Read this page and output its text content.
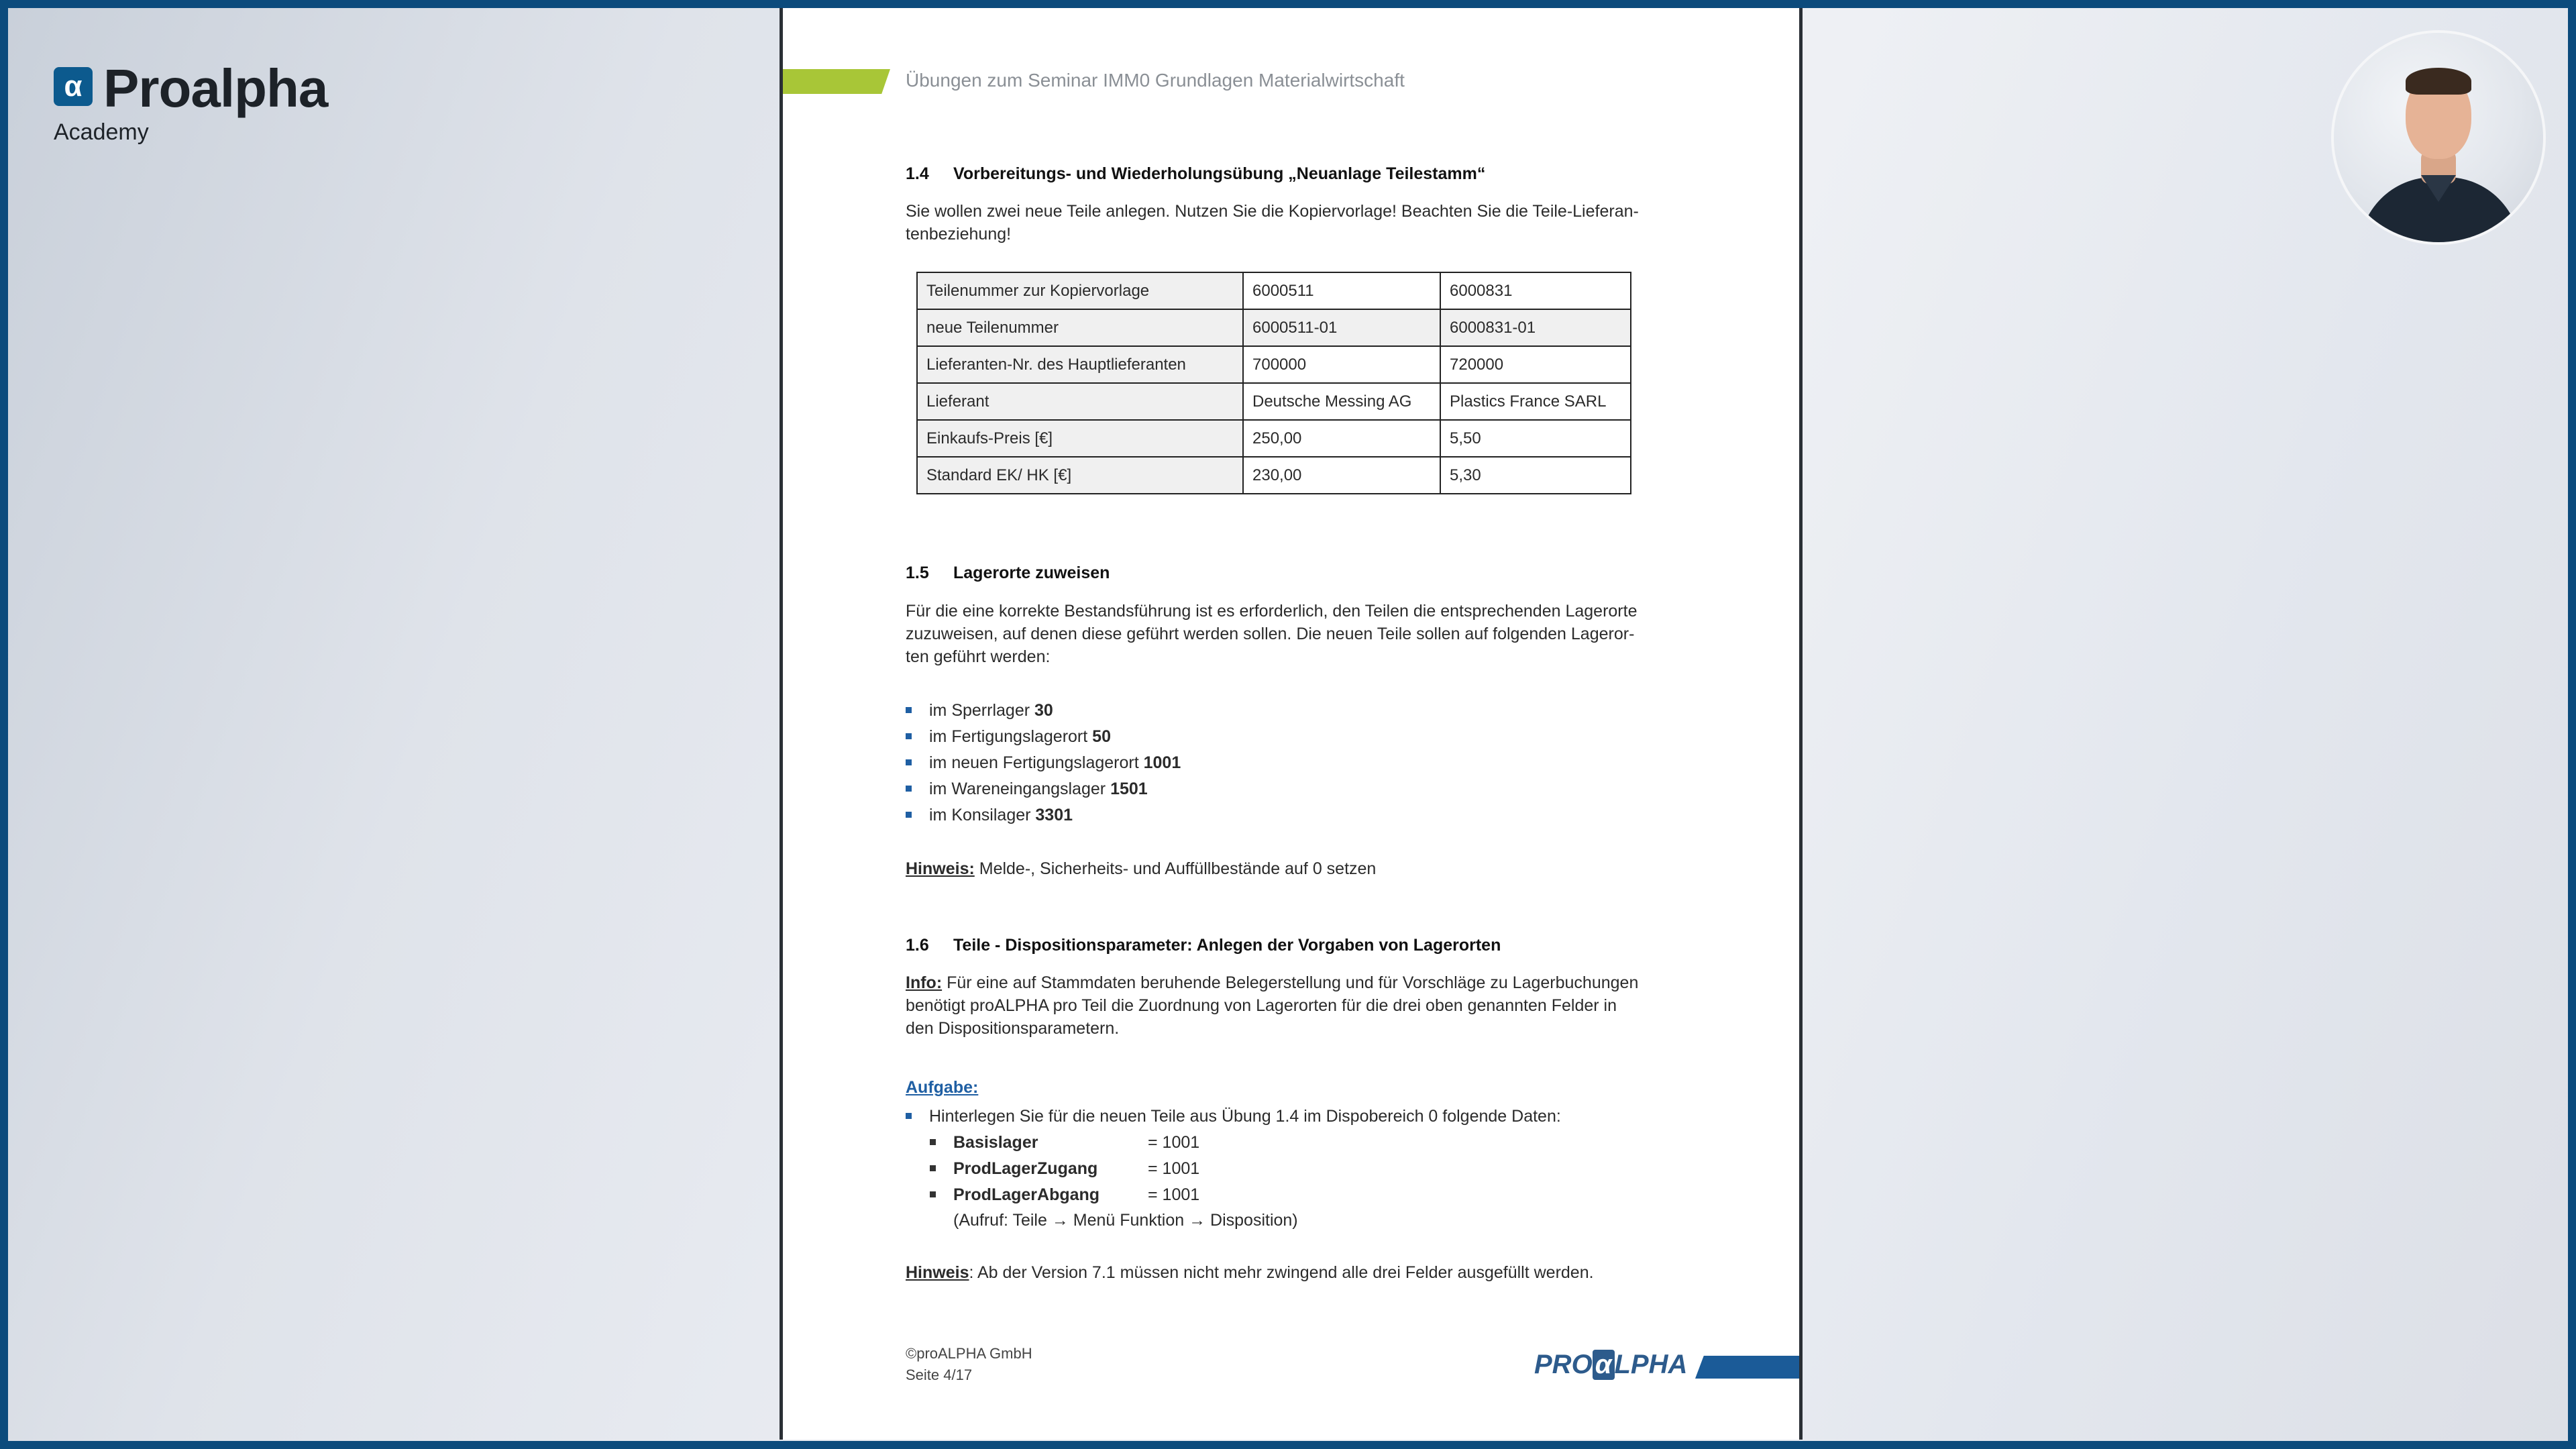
α Proalpha
Academy
Übungen zum Seminar IMM0 Grundlagen Materialwirtschaft
1.4 Vorbereitungs- und Wiederholungsübung „Neuanlage Teilestamm“
Sie wollen zwei neue Teile anlegen. Nutzen Sie die Kopiervorlage! Beachten Sie die Teile-Lieferan-
tenbeziehung!
Teilenummer zur Kopiervorlage	6000511	6000831
neue Teilenummer	6000511-01	6000831-01
Lieferanten-Nr. des Hauptlieferanten	700000	720000
Lieferant	Deutsche Messing AG	Plastics France SARL
Einkaufs-Preis [€]	250,00	5,50
Standard EK/ HK [€]	230,00	5,30
1.5 Lagerorte zuweisen
Für die eine korrekte Bestandsführung ist es erforderlich, den Teilen die entsprechenden Lagerorte
zuzuweisen, auf denen diese geführt werden sollen. Die neuen Teile sollen auf folgenden Lageror-
ten geführt werden:
im Sperrlager 30
im Fertigungslagerort 50
im neuen Fertigungslagerort 1001
im Wareneingangslager 1501
im Konsilager 3301
Hinweis: Melde-, Sicherheits- und Auffüllbestände auf 0 setzen
1.6 Teile - Dispositionsparameter: Anlegen der Vorgaben von Lagerorten
Info: Für eine auf Stammdaten beruhende Belegerstellung und für Vorschläge zu Lagerbuchungen
benötigt proALPHA pro Teil die Zuordnung von Lagerorten für die drei oben genannten Felder in
den Dispositionsparametern.
Aufgabe:
Hinterlegen Sie für die neuen Teile aus Übung 1.4 im Dispobereich 0 folgende Daten:
Basislager	= 1001
ProdLagerZugang	= 1001
ProdLagerAbgang	= 1001
(Aufruf: Teile → Menü Funktion → Disposition)
Hinweis: Ab der Version 7.1 müssen nicht mehr zwingend alle drei Felder ausgefüllt werden.
©proALPHA GmbH
Seite 4/17	PRO α LPHA
